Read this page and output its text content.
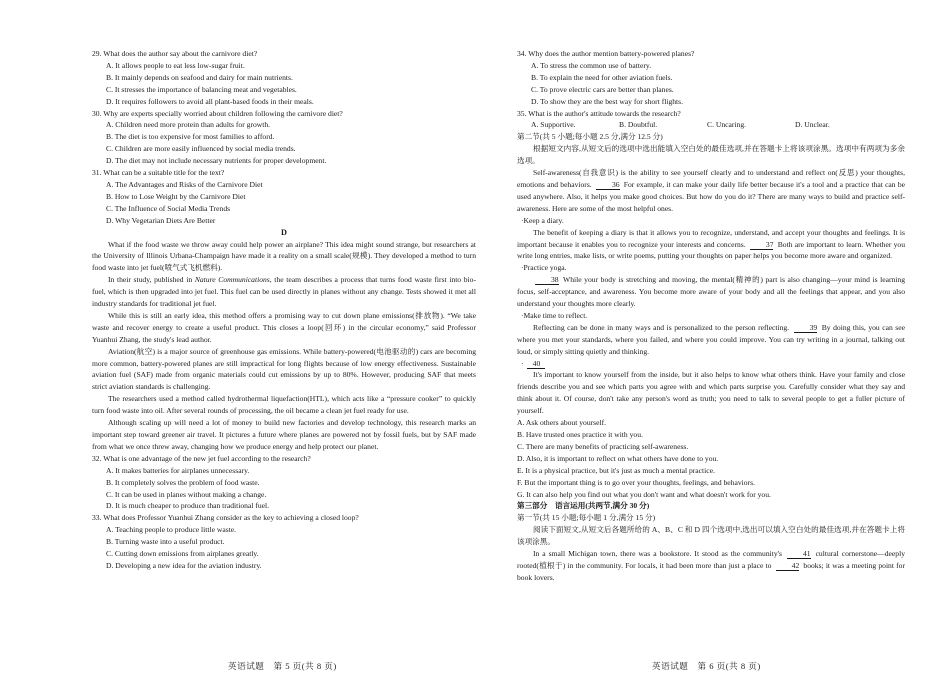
29. What does the author say about the carnivore diet?

A. It allows people to eat less low-sugar fruit.

B. It mainly depends on seafood and dairy for main nutrients.

C. It stresses the importance of balancing meat and vegetables.

D. It requires followers to avoid all plant-based foods in their meals.

30. Why are experts specially worried about children following the carnivore diet?

A. Children need more protein than adults for growth.

B. The diet is too expensive for most families to afford.

C. Children are more easily influenced by social media trends.

D. The diet may not include necessary nutrients for proper development.

31. What can be a suitable title for the text?

A. The Advantages and Risks of the Carnivore Diet

B. How to Lose Weight by the Carnivore Diet

C. The Influence of Social Media Trends

D. Why Vegetarian Diets Are Better

D

What if the food waste we throw away could help power an airplane? This idea might sound strange, but researchers at the University of Illinois Urbana-Champaign have made it a reality on a small scale(规模). They developed a method to turn food waste into jet fuel(喷气式飞机燃料).

In their study, published in Nature Communications, the team describes a process that turns food waste first into bio-fuel, which is then upgraded into jet fuel. This fuel can be used directly in planes without any change. Tests showed it met all industry standards for traditional jet fuel.

While this is still an early idea, this method offers a promising way to cut down plane emissions(排放物). “We take waste and recover energy to create a useful product. This closes a loop(回环) in the circular economy,” said Professor Yuanhui Zhang, the study's lead author.

Aviation(航空) is a major source of greenhouse gas emissions. While battery-powered(电池驱动的) cars are becoming more common, battery-powered planes are still impractical for long flights because of low energy effectiveness. Sustainable aviation fuel (SAF) made from organic materials could cut emissions by up to 80%. However, producing SAF that meets strict aviation standards is challenging.

The researchers used a method called hydrothermal liquefaction(HTL), which acts like a “pressure cooker” to quickly turn food waste into oil. After several rounds of processing, the oil became a clean jet fuel ready for use.

Although scaling up will need a lot of money to build new factories and develop technology, this research marks an important step toward greener air travel. It pictures a future where planes are powered not by fossil fuels, but by SAF made from what we once threw away, changing how we produce energy and help protect our planet.

32. What is one advantage of the new jet fuel according to the research?

A. It makes batteries for airplanes unnecessary.

B. It completely solves the problem of food waste.

C. It can be used in planes without making a change.

D. It is much cheaper to produce than traditional fuel.

33. What does Professor Yuanhui Zhang consider as the key to achieving a closed loop?

A. Teaching people to produce little waste.

B. Turning waste into a useful product.

C. Cutting down emissions from airplanes greatly.

D. Developing a new idea for the aviation industry.

34. Why does the author mention battery-powered planes?

A. To stress the common use of battery.

B. To explain the need for other aviation fuels.

C. To prove electric cars are better than planes.

D. To show they are the best way for short flights.

35. What is the author's attitude towards the research?

A. Supportive.	B. Doubtful.	C. Uncaring.	D. Unclear.

第二节(共 5 小题;每小题 2.5 分,满分 12.5 分)

根据短文内容,从短文后的选项中选出能填入空白处的最佳选项,并在答题卡上将该项涂黑。选项中有两项为多余选项。

Self-awareness(自我意识) is the ability to see yourself clearly and to understand and reflect on(反思) your thoughts, emotions and behaviors.	36 For example, it can make your daily life better because it's a tool and a practice that can be used anywhere. Also, it helps you make good choices. But how do you do it? There are many ways to build and practice self-awareness. Here are some of the most helpful ones.

·Keep a diary.

The benefit of keeping a diary is that it allows you to recognize, understand, and accept your thoughts and feelings. It is important because it enables you to recognize your interests and concerns.	37 Both are important to learn. Whether you write long entries, make lists, or write poems, putting your thoughts on paper helps you become more aware and organized.

·Practice yoga.

38 While your body is stretching and moving, the mental(精神的) part is also changing—your mind is learning focus, self-acceptance, and awareness. You become more aware of your body and all the feelings that appear, and you also understand your thoughts more clearly.

·Make time to reflect.

Reflecting can be done in many ways and is personalized to the person reflecting.	39 By doing this, you can see where you met your standards, where you failed, and where you could improve. You can try writing in a journal, talking out loud, or simply sitting quietly and thinking.

· 40

It's important to know yourself from the inside, but it also helps to know what others think. Have your family and close friends describe you and see which parts you agree with and which parts surprise you. Carefully consider what they say and think about it. Of course, don't take any person's word as truth; you need to talk to several people to get a fuller picture of yourself.

A. Ask others about yourself.

B. Have trusted ones practice it with you.

C. There are many benefits of practicing self-awareness.

D. Also, it is important to reflect on what others have done to you.

E. It is a physical practice, but it's just as much a mental practice.

F. But the important thing is to go over your thoughts, feelings, and behaviors.

G. It can also help you find out what you don't want and what doesn't work for you.

第三部分　语言运用(共两节,满分 30 分)

第一节(共 15 小题;每小题 1 分,满分 15 分)

阅读下面短文,从短文后各题所给的 A、B、C 和 D 四个选项中,选出可以填入空白处的最佳选项,并在答题卡上将该项涂黑。

In a small Michigan town, there was a bookstore. It stood as the community's	41 cultural cornerstone—deeply rooted(植根于) in the community. For locals, it had been more than just a place to	42 books; it was a meeting point for book lovers.

英语试题　第 5 页(共 8 页)	英语试题　第 6 页(共 8 页)
